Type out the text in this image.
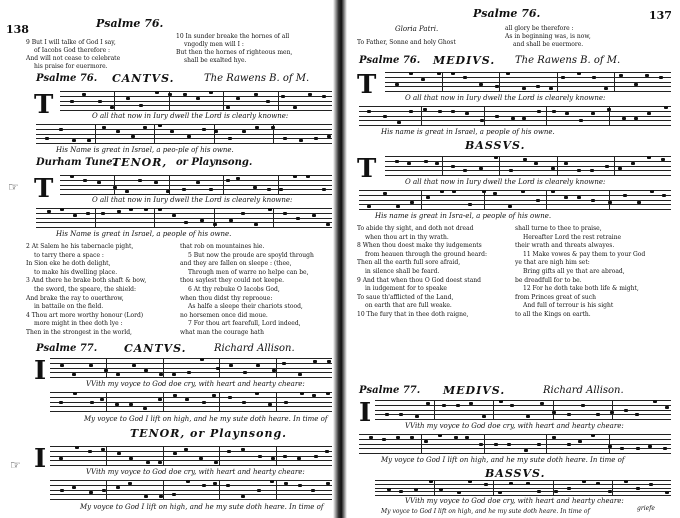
138	Psalme 76.
9 But I will talke of God I say,
of Iacobs God therefore :
And will not cease to celebrate
his praise for euermore.
10 In sunder breake the hornes of all
vngodly men will I :
But then the hornes of righteous men,
shall be exalted hye.
Psalme 76. CANTVS.	The Rawens B. of M.
T	O all that now in Iury dwell the Lord is clearly knowne:
His Name is great in Israel, a peo-ple of his owne.
Durham Tune.
TENOR, or Playnsong.
☞ T	O all that now in Iury dwell the Lord is clearely knowne:
His Name is great in Israel, a people of his owne.
2 At Salem he his tabernacle pight,
to tarry there a space :
In Sion eke he doth delight,
to make his dwelling place.
3 And there he brake both shaft & bow,
the sword, the speare, the shield:
And brake the ray to ouerthrow,
in battaile on the field.
4 Thou art more worthy honour (Lord)
more might in thee doth lye :
Then in the strongest in the world,
that rob on mountaines hie.
5 But now the proude are spoyld through
and they are fallen on sleepe : (thee,
Through men of warre no helpe can be,
thou saylest they could not keepe.
6 At thy rebuke O Iacobs God,
when thou didst thy reprooue:
As halfe a sleepe their chariots stood,
no horsemen once did moue.
7 For thou art fearefull, Lord indeed,
what man the courage hath
Psalme 77. CANTVS.	Richard Allison.
I	VVith my voyce to God doe cry, with heart and hearty cheare:
My voyce to God I lift on high, and he my sute doth heare. In time of
TENOR, or Playnsong.
☞ I	VVith my voyce to God doe cry, with heart and hearty cheare:
My voyce to God I lift on high, and he my sute doth heare. In time of
Psalme 76.	137
Gloria Patri.
To Father, Sonne and holy Ghost
all glory be therefore :
As in beginning was, is now,
and shall be euermore.
Psalme 76. MEDIVS. The Rawens B. of M.
T	O all that now in Iury dwell the Lord is clearely knowne:
His name is great in Israel, a people of his owne.
BASSVS.
T	O all that now in Iury dwell the Lord is clearely knowne:
His name is great in Isra-el, a people of his owne.
To abide thy sight, and doth not dread
when thou art in thy wrath.
8 When thou doest make thy iudgements
from heauen through the ground heard:
Then all the earth full sore afraid,
in silence shall be feard.
9 And that when thou O God doest stand
in iudgement for to speake
To saue th'afflicted of the Land,
on earth that are full weake.
10 The fury that in thee doth raigne,
shall turne to thee to praise,
Hereafter Lord the rest retraine
their wrath and threats alwayes.
11 Make vowes & pay them to your God
ye that are nigh him set:
Bring gifts all ye that are abroad,
be dreadfull for to be.
12 For he doth take both life & might,
from Princes great of such
And full of terrour is his sight
to all the Kings on earth.
Psalme 77. MEDIVS.	Richard Allison.
I	VVith my voyce to God doe cry, with heart and hearty cheare:
My voyce to God I lift on high, and he my sute doth heare. In time of
BASSVS.
VVith my voyce to God doe cry, with heart and hearty cheare:
My voyce to God I lift on high, and he my sute doth heare. In time of	griefe
